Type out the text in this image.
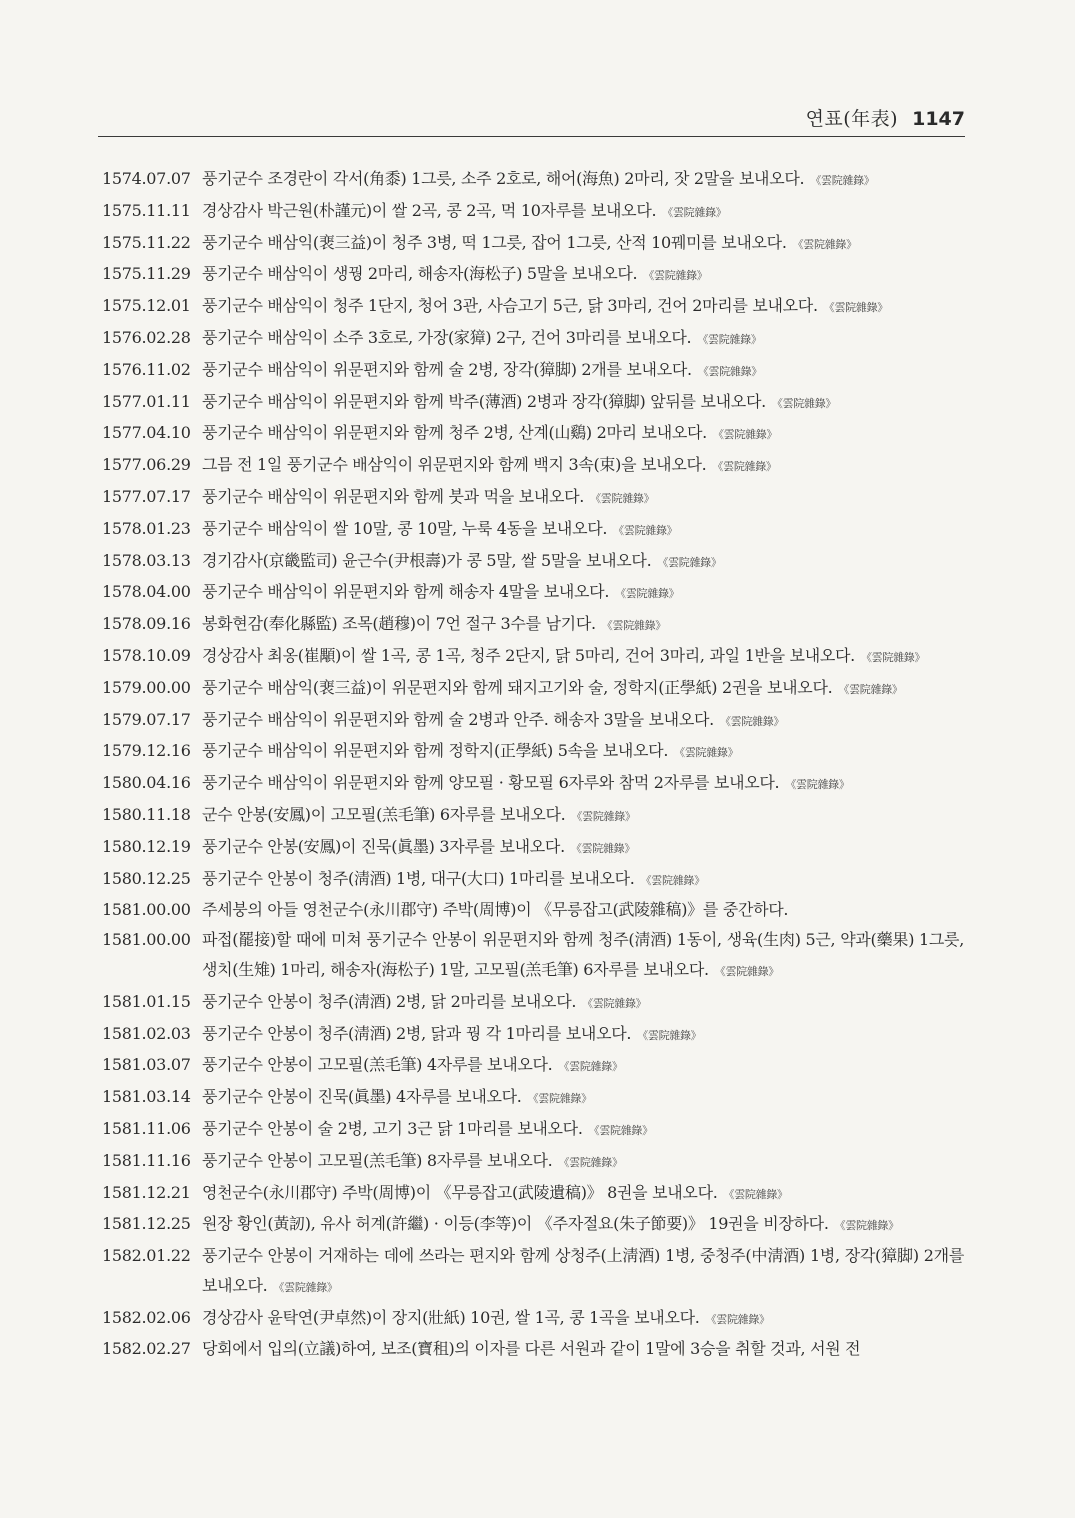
연표(年表) 1147
1574.07.07 풍기군수 조경란이 각서(角黍) 1그릇, 소주 2호로, 해어(海魚) 2마리, 잣 2말을 보내오다. 《雲院雜錄》
1575.11.11 경상감사 박근원(朴謹元)이 쌀 2곡, 콩 2곡, 먹 10자루를 보내오다. 《雲院雜錄》
1575.11.22 풍기군수 배삼익(裵三益)이 청주 3병, 떡 1그릇, 잡어 1그릇, 산적 10꿰미를 보내오다. 《雲院雜錄》
1575.11.29 풍기군수 배삼익이 생꿩 2마리, 해송자(海松子) 5말을 보내오다. 《雲院雜錄》
1575.12.01 풍기군수 배삼익이 청주 1단지, 청어 3관, 사슴고기 5근, 닭 3마리, 건어 2마리를 보내오다. 《雲院雜錄》
1576.02.28 풍기군수 배삼익이 소주 3호로, 가장(家獐) 2구, 건어 3마리를 보내오다. 《雲院雜錄》
1576.11.02 풍기군수 배삼익이 위문편지와 함께 술 2병, 장각(獐脚) 2개를 보내오다. 《雲院雜錄》
1577.01.11 풍기군수 배삼익이 위문편지와 함께 박주(薄酒) 2병과 장각(獐脚) 앞뒤를 보내오다. 《雲院雜錄》
1577.04.10 풍기군수 배삼익이 위문편지와 함께 청주 2병, 산계(山鷄) 2마리 보내오다. 《雲院雜錄》
1577.06.29 그믐 전 1일 풍기군수 배삼익이 위문편지와 함께 백지 3속(束)을 보내오다. 《雲院雜錄》
1577.07.17 풍기군수 배삼익이 위문편지와 함께 붓과 먹을 보내오다. 《雲院雜錄》
1578.01.23 풍기군수 배삼익이 쌀 10말, 콩 10말, 누룩 4동을 보내오다. 《雲院雜錄》
1578.03.13 경기감사(京畿監司) 윤근수(尹根壽)가 콩 5말, 쌀 5말을 보내오다. 《雲院雜錄》
1578.04.00 풍기군수 배삼익이 위문편지와 함께 해송자 4말을 보내오다. 《雲院雜錄》
1578.09.16 봉화현감(奉化縣監) 조목(趙穆)이 7언 절구 3수를 남기다. 《雲院雜錄》
1578.10.09 경상감사 최옹(崔顒)이 쌀 1곡, 콩 1곡, 청주 2단지, 닭 5마리, 건어 3마리, 과일 1반을 보내오다. 《雲院雜錄》
1579.00.00 풍기군수 배삼익(裵三益)이 위문편지와 함께 돼지고기와 술, 정학지(正學紙) 2권을 보내오다. 《雲院雜錄》
1579.07.17 풍기군수 배삼익이 위문편지와 함께 술 2병과 안주. 해송자 3말을 보내오다. 《雲院雜錄》
1579.12.16 풍기군수 배삼익이 위문편지와 함께 정학지(正學紙) 5속을 보내오다. 《雲院雜錄》
1580.04.16 풍기군수 배삼익이 위문편지와 함께 양모필 · 황모필 6자루와 참먹 2자루를 보내오다. 《雲院雜錄》
1580.11.18 군수 안봉(安鳳)이 고모필(羔毛筆) 6자루를 보내오다. 《雲院雜錄》
1580.12.19 풍기군수 안봉(安鳳)이 진묵(眞墨) 3자루를 보내오다. 《雲院雜錄》
1580.12.25 풍기군수 안봉이 청주(淸酒) 1병, 대구(大口) 1마리를 보내오다. 《雲院雜錄》
1581.00.00 주세붕의 아들 영천군수(永川郡守) 주박(周博)이 《무릉잡고(武陵雜稿)》를 중간하다.
1581.00.00 파접(罷接)할 때에 미쳐 풍기군수 안봉이 위문편지와 함께 청주(淸酒) 1동이, 생육(生肉) 5근, 약과(藥果) 1그릇, 생치(生雉) 1마리, 해송자(海松子) 1말, 고모필(羔毛筆) 6자루를 보내오다. 《雲院雜錄》
1581.01.15 풍기군수 안봉이 청주(淸酒) 2병, 닭 2마리를 보내오다. 《雲院雜錄》
1581.02.03 풍기군수 안봉이 청주(淸酒) 2병, 닭과 꿩 각 1마리를 보내오다. 《雲院雜錄》
1581.03.07 풍기군수 안봉이 고모필(羔毛筆) 4자루를 보내오다. 《雲院雜錄》
1581.03.14 풍기군수 안봉이 진묵(眞墨) 4자루를 보내오다. 《雲院雜錄》
1581.11.06 풍기군수 안봉이 술 2병, 고기 3근 닭 1마리를 보내오다. 《雲院雜錄》
1581.11.16 풍기군수 안봉이 고모필(羔毛筆) 8자루를 보내오다. 《雲院雜錄》
1581.12.21 영천군수(永川郡守) 주박(周博)이 《무릉잡고(武陵遺稿)》 8권을 보내오다. 《雲院雜錄》
1581.12.25 원장 황인(黃訒), 유사 허계(許繼) · 이등(李等)이 《주자절요(朱子節要)》 19권을 비장하다. 《雲院雜錄》
1582.01.22 풍기군수 안봉이 거재하는 데에 쓰라는 편지와 함께 상청주(上淸酒) 1병, 중청주(中淸酒) 1병, 장각(獐脚) 2개를 보내오다. 《雲院雜錄》
1582.02.06 경상감사 윤탁연(尹卓然)이 장지(壯紙) 10권, 쌀 1곡, 콩 1곡을 보내오다. 《雲院雜錄》
1582.02.27 당회에서 입의(立議)하여, 보조(寶租)의 이자를 다른 서원과 같이 1말에 3승을 취할 것과, 서원 전
